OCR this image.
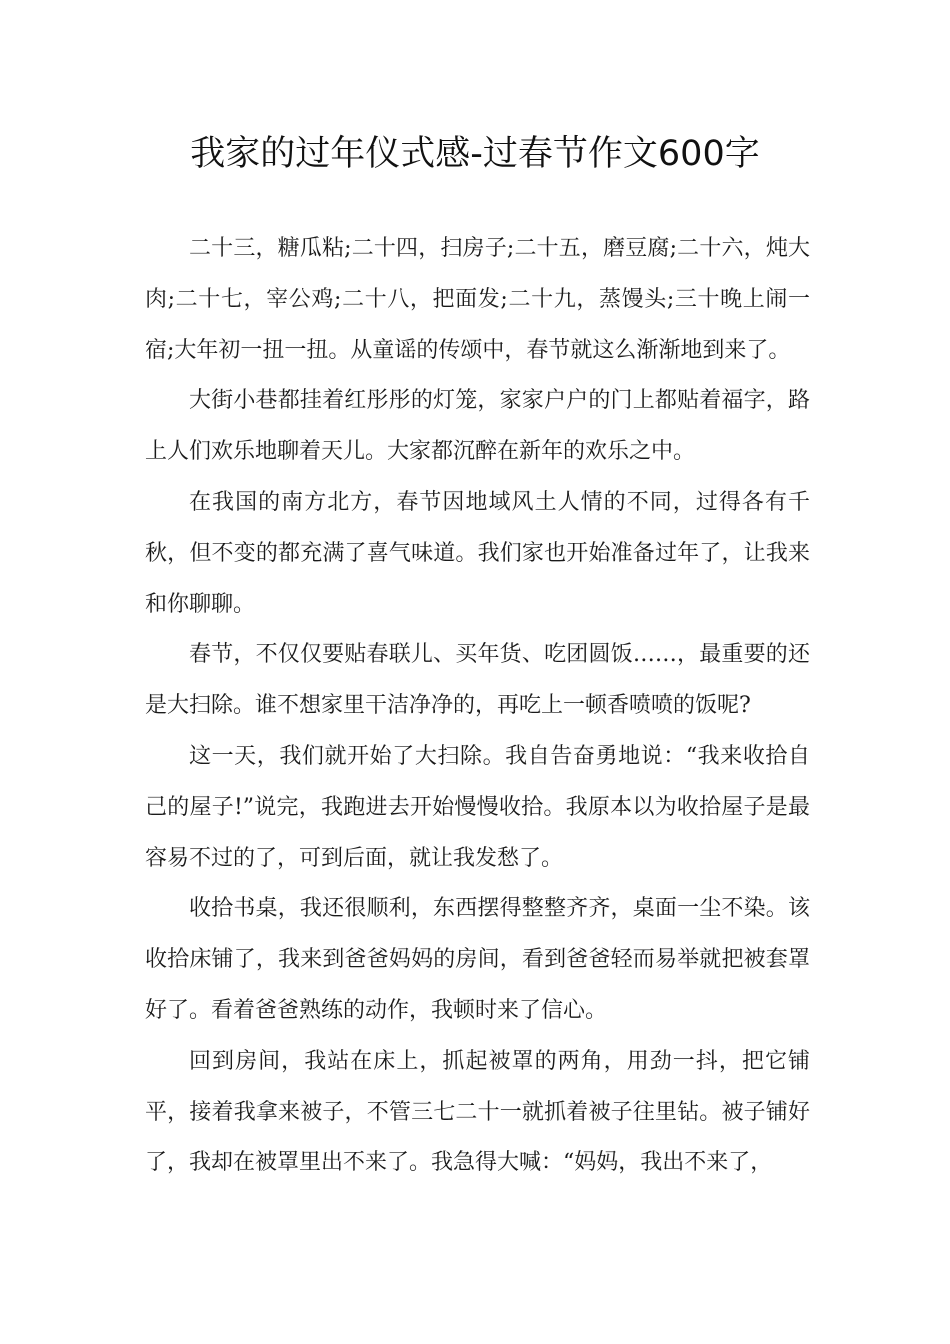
我家的过年仪式感-过春节作文600字

二十三，糖瓜粘;二十四，扫房子;二十五，磨豆腐;二十六，炖大肉;二十七，宰公鸡;二十八，把面发;二十九，蒸馒头;三十晚上闹一宿;大年初一扭一扭。从童谣的传颂中，春节就这么渐渐地到来了。

大街小巷都挂着红彤彤的灯笼，家家户户的门上都贴着福字，路上人们欢乐地聊着天儿。大家都沉醉在新年的欢乐之中。

在我国的南方北方，春节因地域风土人情的不同，过得各有千秋，但不变的都充满了喜气味道。我们家也开始准备过年了，让我来和你聊聊。

春节，不仅仅要贴春联儿、买年货、吃团圆饭……，最重要的还是大扫除。谁不想家里干洁净净的，再吃上一顿香喷喷的饭呢?

这一天，我们就开始了大扫除。我自告奋勇地说：“我来收拾自己的屋子!”说完，我跑进去开始慢慢收拾。我原本以为收拾屋子是最容易不过的了，可到后面，就让我发愁了。

收拾书桌，我还很顺利，东西摆得整整齐齐，桌面一尘不染。该收拾床铺了，我来到爸爸妈妈的房间，看到爸爸轻而易举就把被套罩好了。看着爸爸熟练的动作，我顿时来了信心。

回到房间，我站在床上，抓起被罩的两角，用劲一抖，把它铺平，接着我拿来被子，不管三七二十一就抓着被子往里钻。被子铺好了，我却在被罩里出不来了。我急得大喊：“妈妈，我出不来了，
